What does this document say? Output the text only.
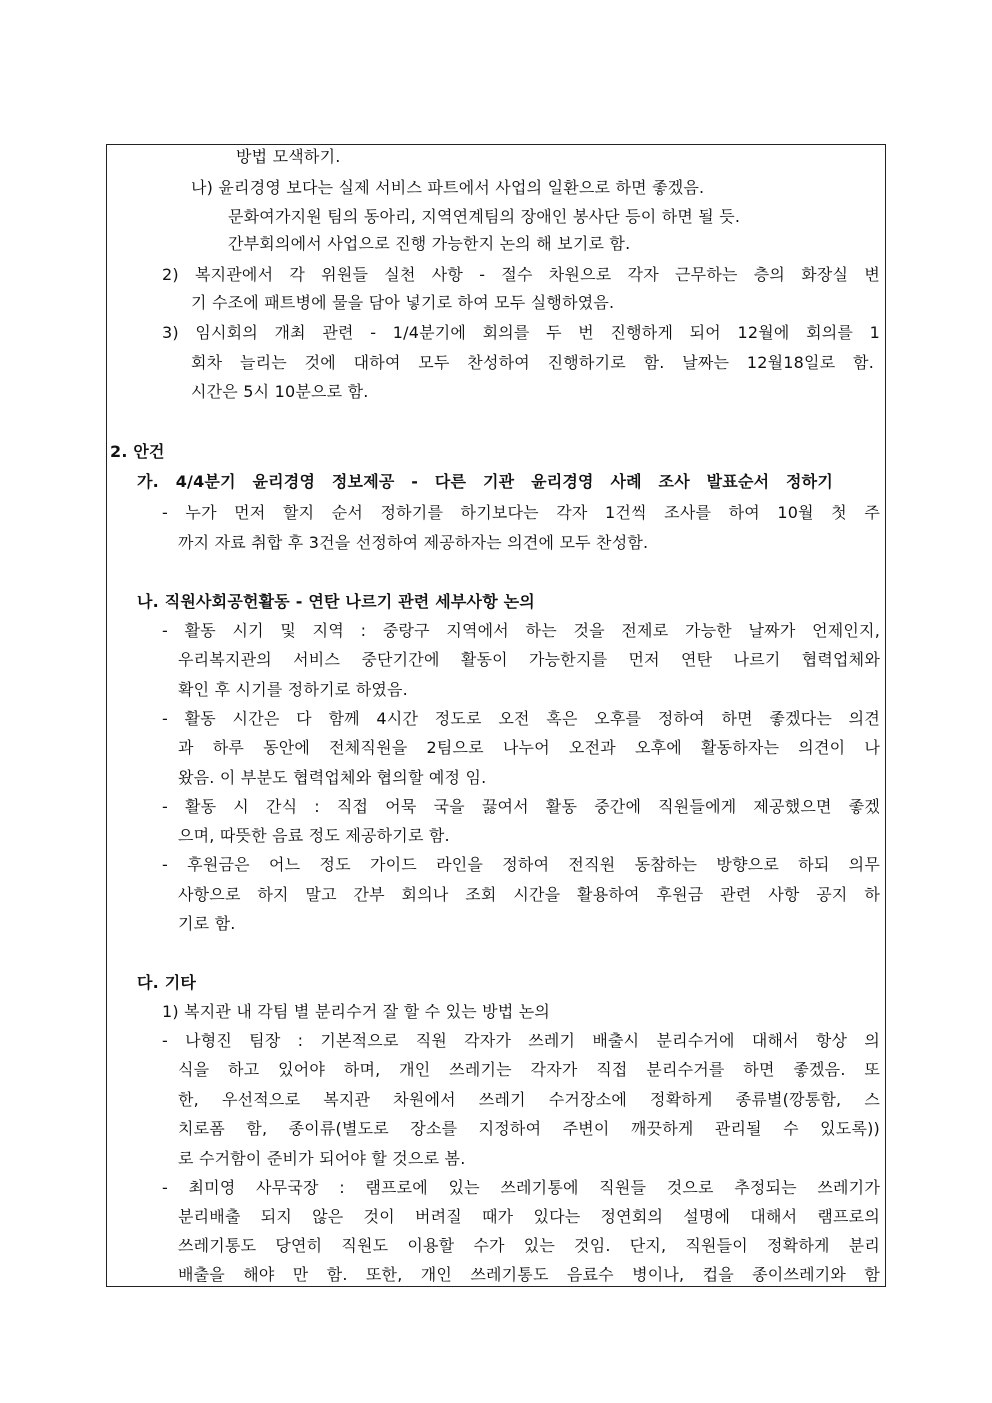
방법 모색하기.
나) 윤리경영 보다는 실제 서비스 파트에서 사업의 일환으로 하면 좋겠음.
문화여가지원 팀의 동아리, 지역연계팀의 장애인 봉사단 등이 하면 될 듯.
간부회의에서 사업으로 진행 가능한지 논의 해 보기로 함.
2) 복지관에서 각 위원들 실천 사항 - 절수 차원으로 각자 근무하는 층의 화장실 변
기 수조에 패트병에 물을 담아 넣기로 하여 모두 실행하였음.
3) 임시회의 개최 관련 - 1/4분기에 회의를 두 번 진행하게 되어 12월에 회의를 1
회차 늘리는 것에 대하여 모두 찬성하여 진행하기로 함. 날짜는 12월18일로 함.
시간은 5시 10분으로 함.
2. 안건
가. 4/4분기 윤리경영 정보제공 - 다른 기관 윤리경영 사례 조사 발표순서 정하기
- 누가 먼저 할지 순서 정하기를 하기보다는 각자 1건씩 조사를 하여 10월 첫 주
까지 자료 취합 후 3건을 선정하여 제공하자는 의견에 모두 찬성함.
나. 직원사회공헌활동 - 연탄 나르기 관련 세부사항 논의
- 활동 시기 및 지역 : 중랑구 지역에서 하는 것을 전제로 가능한 날짜가 언제인지,
우리복지관의 서비스 중단기간에 활동이 가능한지를 먼저 연탄 나르기 협력업체와
확인 후 시기를 정하기로 하였음.
- 활동 시간은 다 함께 4시간 정도로 오전 혹은 오후를 정하여 하면 좋겠다는 의견
과 하루 동안에 전체직원을 2팀으로 나누어 오전과 오후에 활동하자는 의견이 나
왔음. 이 부분도 협력업체와 협의할 예정 임.
- 활동 시 간식 : 직접 어묵 국을 끓여서 활동 중간에 직원들에게 제공했으면 좋겠
으며, 따뜻한 음료 정도 제공하기로 함.
- 후원금은 어느 정도 가이드 라인을 정하여 전직원 동참하는 방향으로 하되 의무
사항으로 하지 말고 간부 회의나 조회 시간을 활용하여 후원금 관련 사항 공지 하
기로 함.
다. 기타
1) 복지관 내 각팀 별 분리수거 잘 할 수 있는 방법 논의
- 나형진 팀장 : 기본적으로 직원 각자가 쓰레기 배출시 분리수거에 대해서 항상 의
식을 하고 있어야 하며, 개인 쓰레기는 각자가 직접 분리수거를 하면 좋겠음. 또
한, 우선적으로 복지관 차원에서 쓰레기 수거장소에 정확하게 종류별(깡통함, 스
치로폼 함, 종이류(별도로 장소를 지정하여 주변이 깨끗하게 관리될 수 있도록))
로 수거함이 준비가 되어야 할 것으로 봄.
- 최미영 사무국장 : 램프로에 있는 쓰레기통에 직원들 것으로 추정되는 쓰레기가
분리배출 되지 않은 것이 버려질 때가 있다는 정연회의 설명에 대해서 램프로의
쓰레기통도 당연히 직원도 이용할 수가 있는 것임. 단지, 직원들이 정확하게 분리
배출을 해야 만 함. 또한, 개인 쓰레기통도 음료수 병이나, 컵을 종이쓰레기와 함
